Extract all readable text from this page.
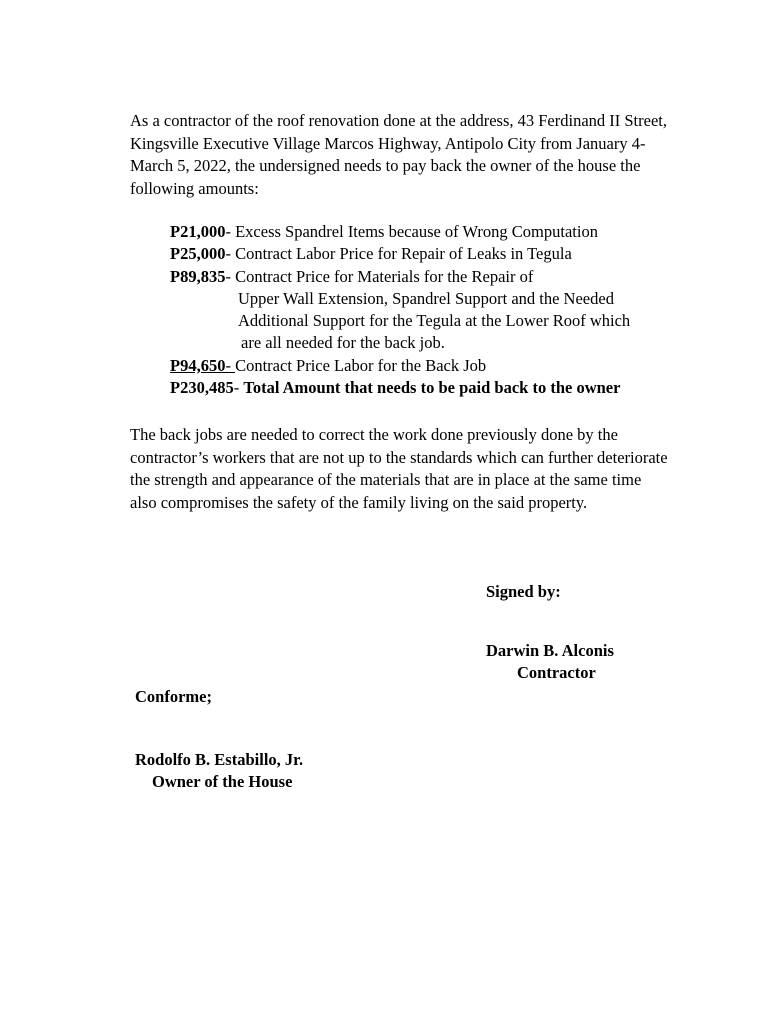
As a contractor of the roof renovation done at the address, 43 Ferdinand II Street, Kingsville Executive Village Marcos Highway, Antipolo City from January 4- March 5, 2022, the undersigned needs to pay back the owner of the house the following amounts:

P21,000- Excess Spandrel Items because of Wrong Computation
P25,000- Contract Labor Price for Repair of Leaks in Tegula
P89,835- Contract Price for Materials for the Repair of
Upper Wall Extension, Spandrel Support and the Needed
Additional Support for the Tegula at the Lower Roof which
are all needed for the back job.
P94,650- Contract Price Labor for the Back Job
P230,485- Total Amount that needs to be paid back to the owner

The back jobs are needed to correct the work done previously done by the contractor’s workers that are not up to the standards which can further deteriorate the strength and appearance of the materials that are in place at the same time also compromises the safety of the family living on the said property.

Signed by:
Darwin B. Alconis
Contractor
Conforme;
Rodolfo B. Estabillo, Jr.
Owner of the House
